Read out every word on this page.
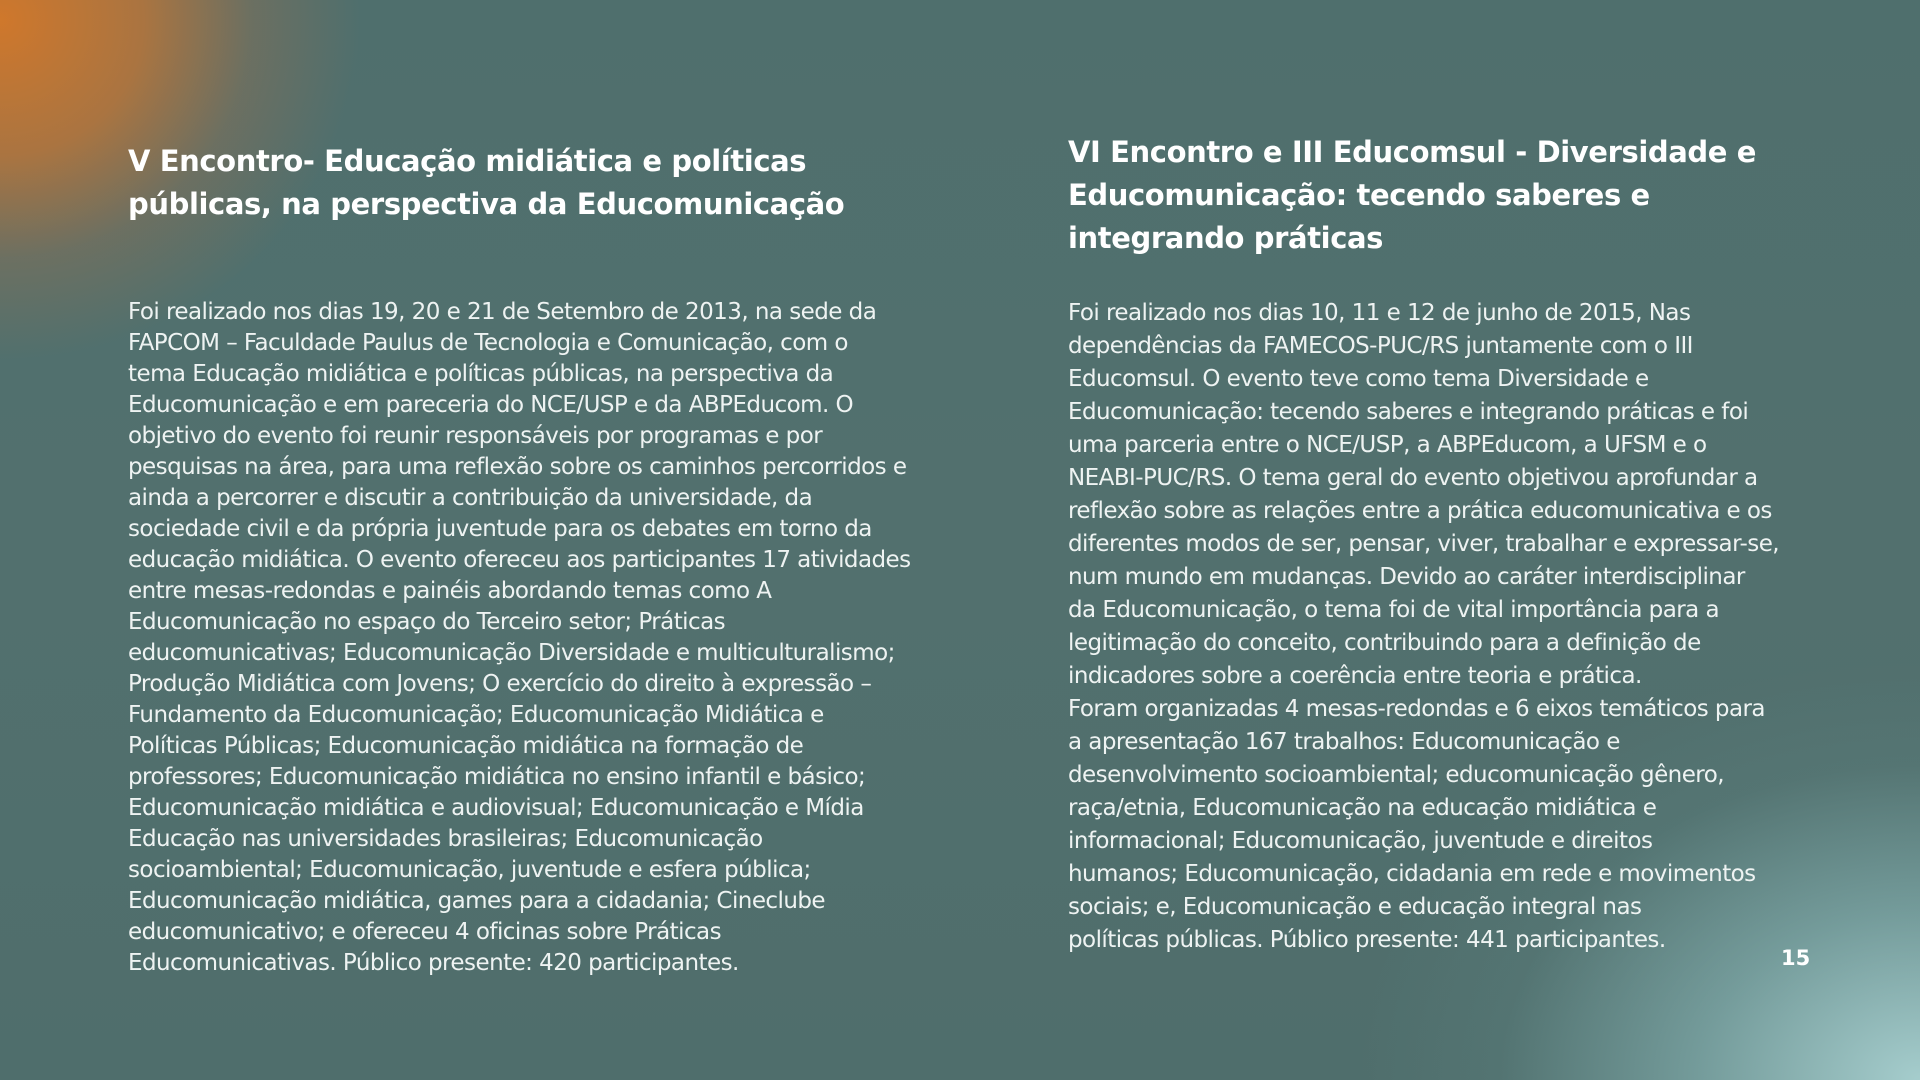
V Encontro- Educação midiática e políticas
públicas, na perspectiva da Educomunicação

Foi realizado nos dias 19, 20 e 21 de Setembro de 2013, na sede da
FAPCOM – Faculdade Paulus de Tecnologia e Comunicação, com o
tema Educação midiática e políticas públicas, na perspectiva da
Educomunicação e em pareceria do NCE/USP e da ABPEducom. O
objetivo do evento foi reunir responsáveis por programas e por
pesquisas na área, para uma reflexão sobre os caminhos percorridos e
ainda a percorrer e discutir a contribuição da universidade, da
sociedade civil e da própria juventude para os debates em torno da
educação midiática. O evento ofereceu aos participantes 17 atividades
entre mesas-redondas e painéis abordando temas como A
Educomunicação no espaço do Terceiro setor; Práticas
educomunicativas; Educomunicação Diversidade e multiculturalismo;
Produção Midiática com Jovens; O exercício do direito à expressão –
Fundamento da Educomunicação; Educomunicação Midiática e
Políticas Públicas; Educomunicação midiática na formação de
professores; Educomunicação midiática no ensino infantil e básico;
Educomunicação midiática e audiovisual; Educomunicação e Mídia
Educação nas universidades brasileiras; Educomunicação
socioambiental; Educomunicação, juventude e esfera pública;
Educomunicação midiática, games para a cidadania; Cineclube
educomunicativo; e ofereceu 4 oficinas sobre Práticas
Educomunicativas. Público presente: 420 participantes.

VI Encontro e III Educomsul - Diversidade e
Educomunicação: tecendo saberes e
integrando práticas

Foi realizado nos dias 10, 11 e 12 de junho de 2015, Nas
dependências da FAMECOS-PUC/RS juntamente com o III
Educomsul. O evento teve como tema Diversidade e
Educomunicação: tecendo saberes e integrando práticas e foi
uma parceria entre o NCE/USP, a ABPEducom, a UFSM e o
NEABI-PUC/RS. O tema geral do evento objetivou aprofundar a
reflexão sobre as relações entre a prática educomunicativa e os
diferentes modos de ser, pensar, viver, trabalhar e expressar-se,
num mundo em mudanças. Devido ao caráter interdisciplinar
da Educomunicação, o tema foi de vital importância para a
legitimação do conceito, contribuindo para a definição de
indicadores sobre a coerência entre teoria e prática.
Foram organizadas 4 mesas-redondas e 6 eixos temáticos para
a apresentação 167 trabalhos: Educomunicação e
desenvolvimento socioambiental; educomunicação gênero,
raça/etnia, Educomunicação na educação midiática e
informacional; Educomunicação, juventude e direitos
humanos; Educomunicação, cidadania em rede e movimentos
sociais; e, Educomunicação e educação integral nas
políticas públicas. Público presente: 441 participantes.

15
